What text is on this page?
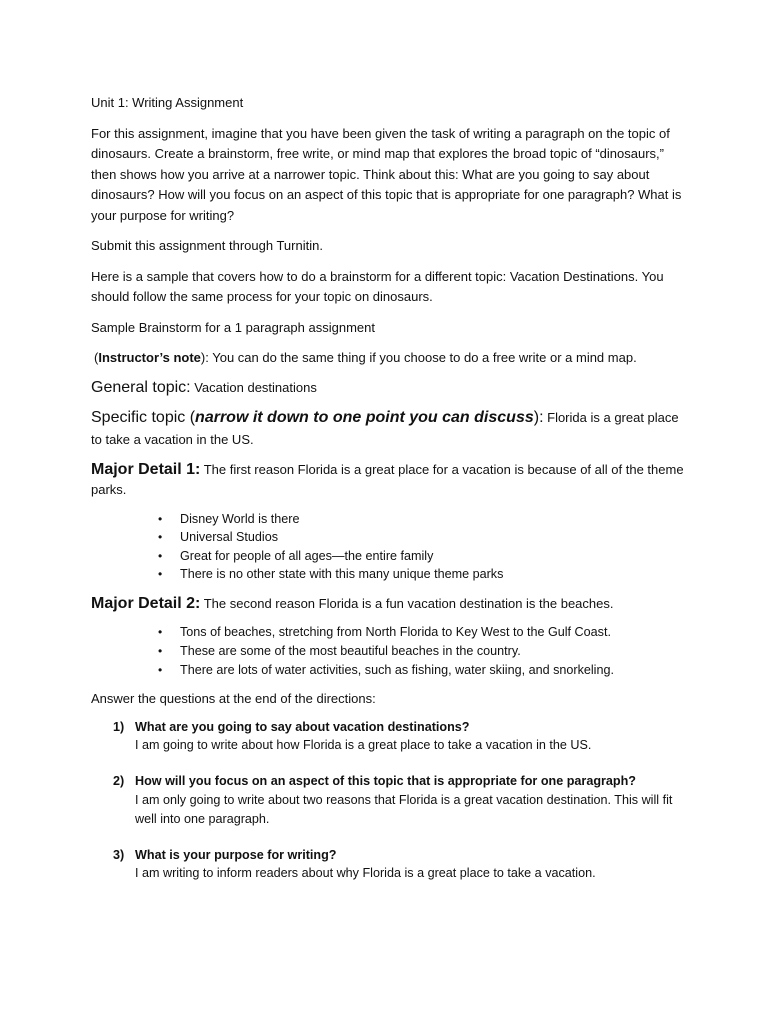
Unit 1: Writing Assignment

For this assignment, imagine that you have been given the task of writing a paragraph on the topic of dinosaurs. Create a brainstorm, free write, or mind map that explores the broad topic of “dinosaurs,” then shows how you arrive at a narrower topic. Think about this: What are you going to say about dinosaurs? How will you focus on an aspect of this topic that is appropriate for one paragraph? What is your purpose for writing?

Submit this assignment through Turnitin.

Here is a sample that covers how to do a brainstorm for a different topic: Vacation Destinations. You should follow the same process for your topic on dinosaurs.

Sample Brainstorm for a 1 paragraph assignment

(Instructor’s note): You can do the same thing if you choose to do a free write or a mind map.

General topic: Vacation destinations

Specific topic (narrow it down to one point you can discuss): Florida is a great place to take a vacation in the US.

Major Detail 1: The first reason Florida is a great place for a vacation is because of all of the theme parks.

• Disney World is there
• Universal Studios
• Great for people of all ages—the entire family
• There is no other state with this many unique theme parks

Major Detail 2: The second reason Florida is a fun vacation destination is the beaches.

• Tons of beaches, stretching from North Florida to Key West to the Gulf Coast.
• These are some of the most beautiful beaches in the country.
• There are lots of water activities, such as fishing, water skiing, and snorkeling.

Answer the questions at the end of the directions:

1) What are you going to say about vacation destinations?
I am going to write about how Florida is a great place to take a vacation in the US.
2) How will you focus on an aspect of this topic that is appropriate for one paragraph?
I am only going to write about two reasons that Florida is a great vacation destination. This will fit well into one paragraph.
3) What is your purpose for writing?
I am writing to inform readers about why Florida is a great place to take a vacation.
